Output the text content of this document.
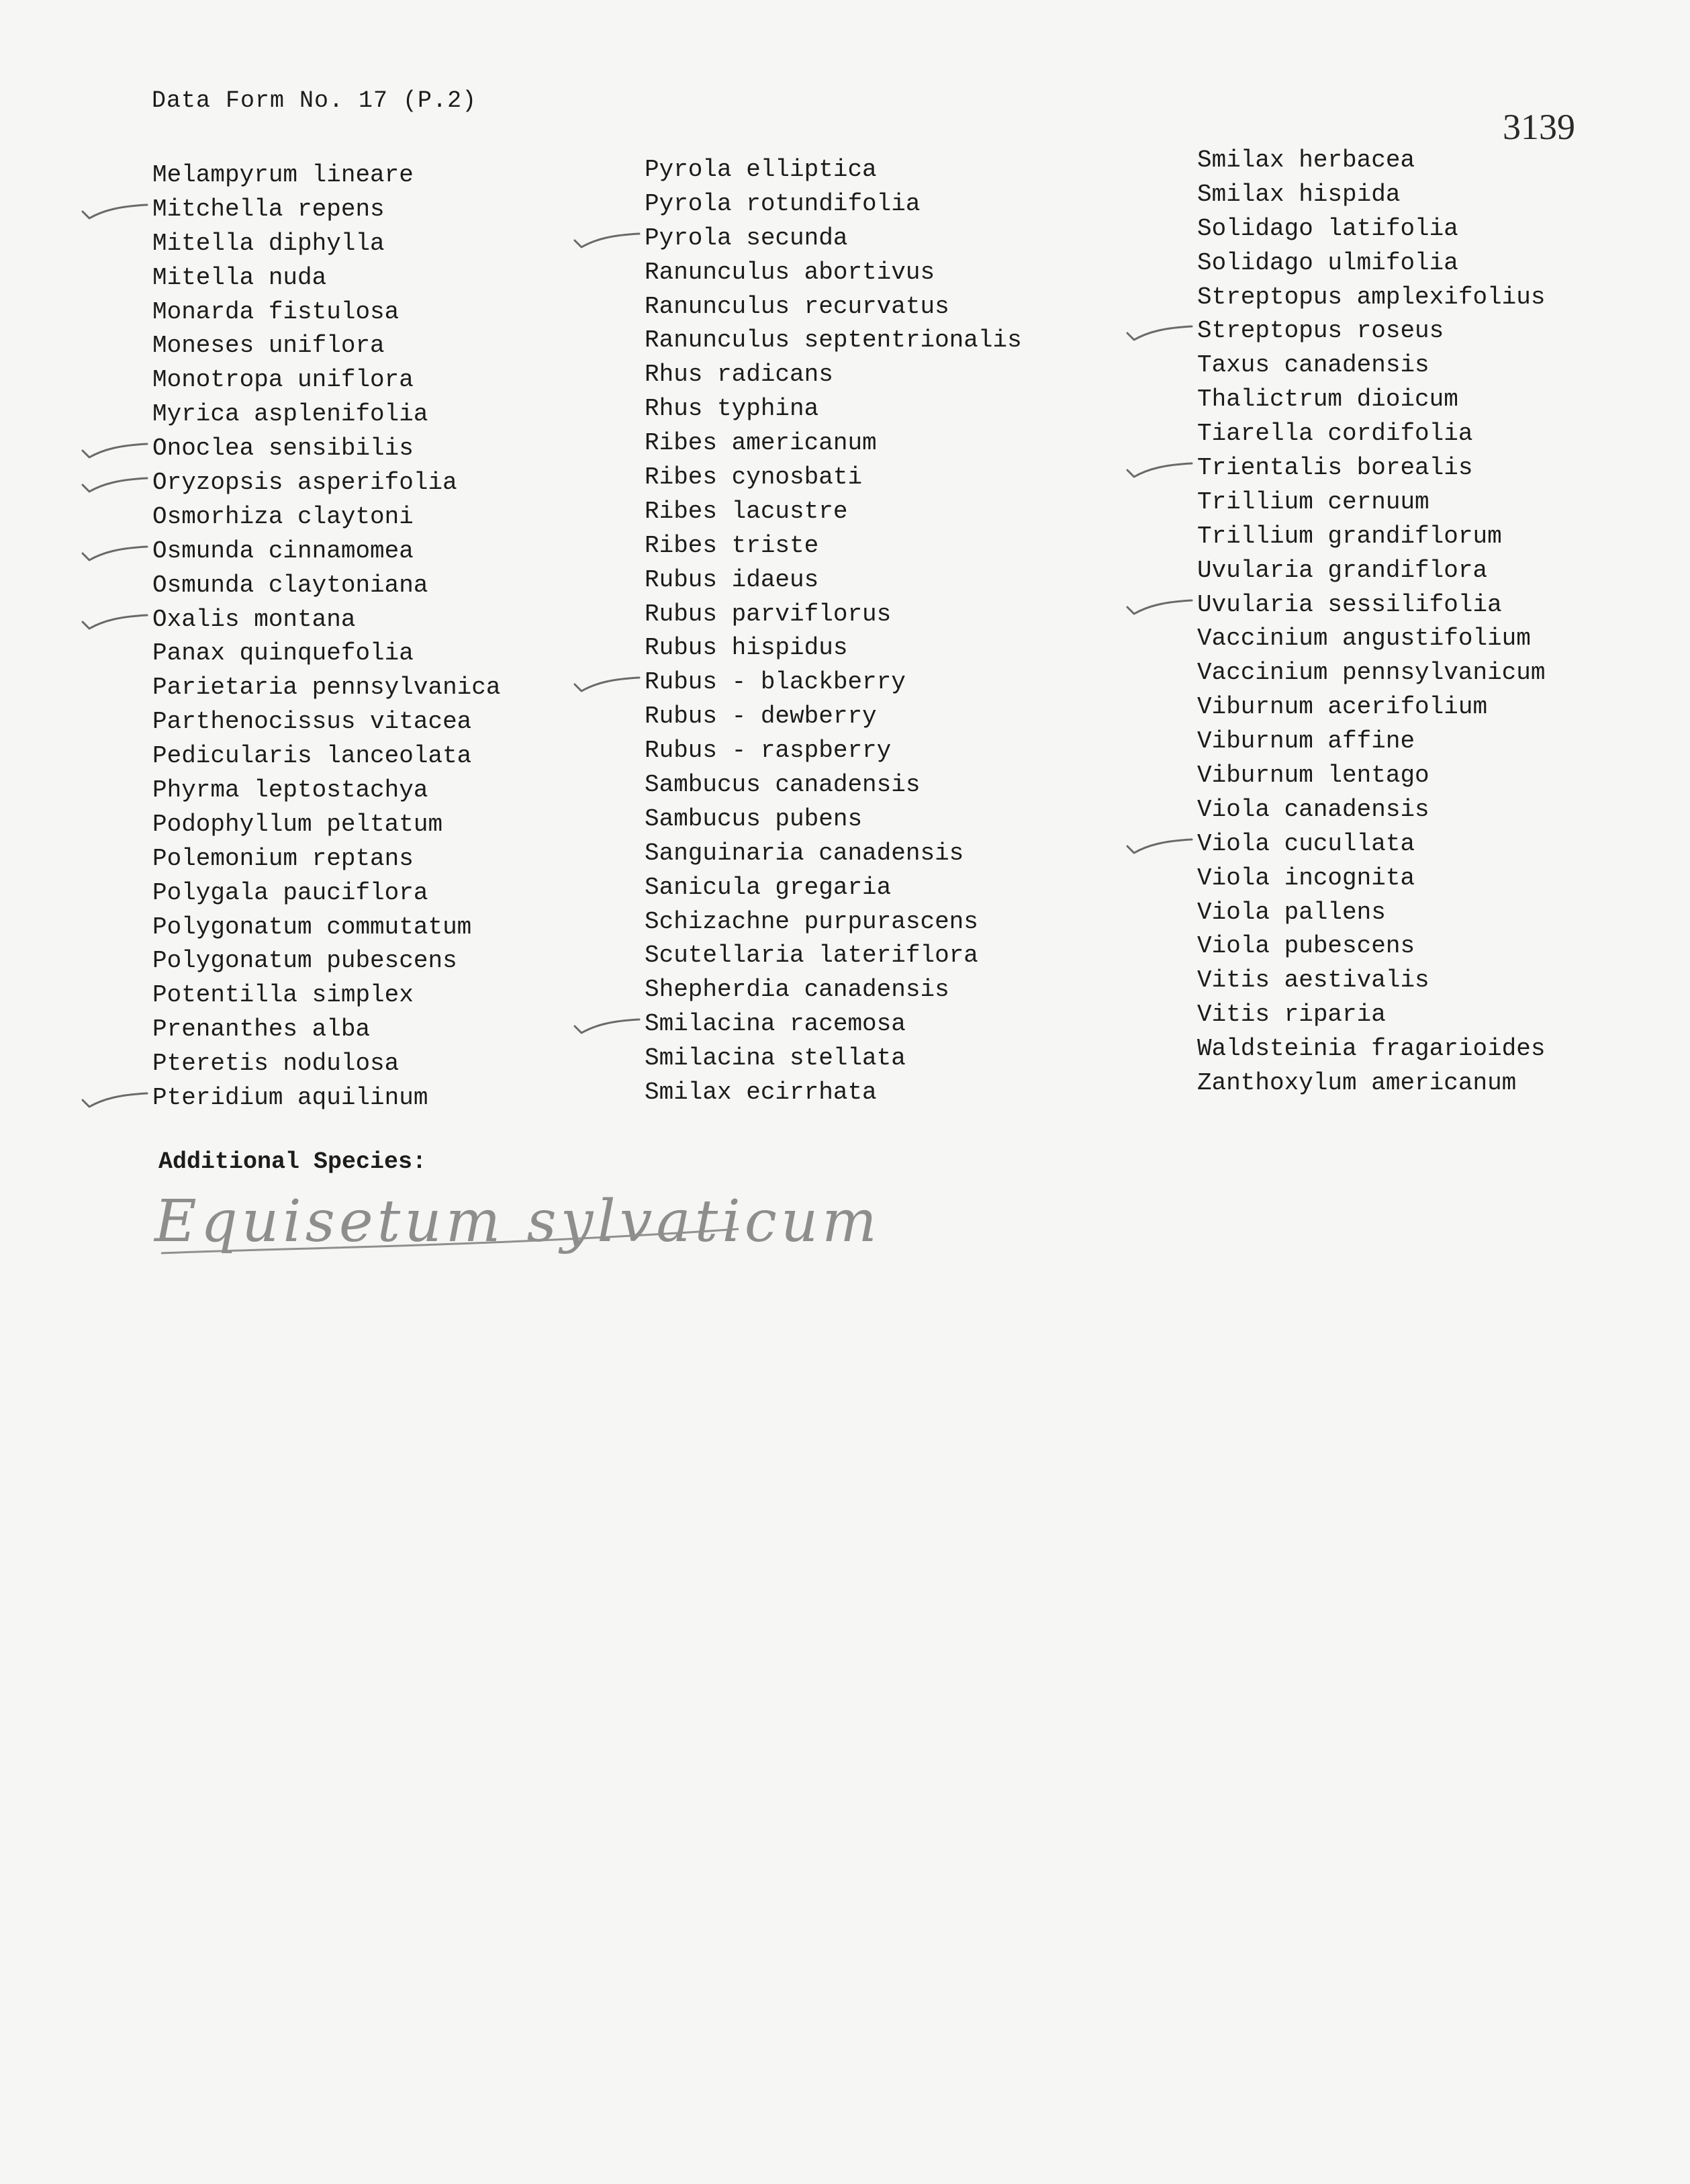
Data Form No. 17 (P.2)
3139
Melampyrum lineare
Mitchella repens
Mitella diphylla
Mitella nuda
Monarda fistulosa
Moneses uniflora
Monotropa uniflora
Myrica asplenifolia
Onoclea sensibilis
Oryzopsis asperifolia
Osmorhiza claytoni
Osmunda cinnamomea
Osmunda claytoniana
Oxalis montana
Panax quinquefolia
Parietaria pennsylvanica
Parthenocissus vitacea
Pedicularis lanceolata
Phyrma leptostachya
Podophyllum peltatum
Polemonium reptans
Polygala pauciflora
Polygonatum commutatum
Polygonatum pubescens
Potentilla simplex
Prenanthes alba
Pteretis nodulosa
Pteridium aquilinum
Pyrola elliptica
Pyrola rotundifolia
Pyrola secunda
Ranunculus abortivus
Ranunculus recurvatus
Ranunculus septentrionalis
Rhus radicans
Rhus typhina
Ribes americanum
Ribes cynosbati
Ribes lacustre
Ribes triste
Rubus idaeus
Rubus parviflorus
Rubus hispidus
Rubus - blackberry
Rubus - dewberry
Rubus - raspberry
Sambucus canadensis
Sambucus pubens
Sanguinaria canadensis
Sanicula gregaria
Schizachne purpurascens
Scutellaria lateriflora
Shepherdia canadensis
Smilacina racemosa
Smilacina stellata
Smilax ecirrhata
Smilax herbacea
Smilax hispida
Solidago latifolia
Solidago ulmifolia
Streptopus amplexifolius
Streptopus roseus
Taxus canadensis
Thalictrum dioicum
Tiarella cordifolia
Trientalis borealis
Trillium cernuum
Trillium grandiflorum
Uvularia grandiflora
Uvularia sessilifolia
Vaccinium angustifolium
Vaccinium pennsylvanicum
Viburnum acerifolium
Viburnum affine
Viburnum lentago
Viola canadensis
Viola cucullata
Viola incognita
Viola pallens
Viola pubescens
Vitis aestivalis
Vitis riparia
Waldsteinia fragarioides
Zanthoxylum americanum
Additional Species:
Equisetum sylvaticum
